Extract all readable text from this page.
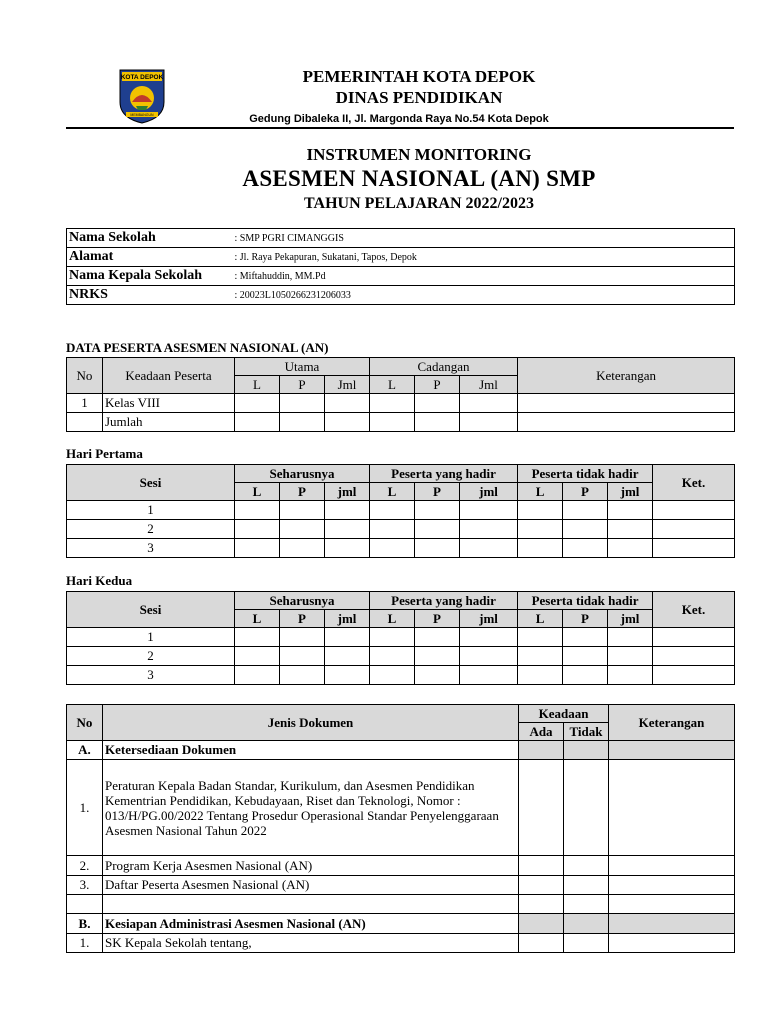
KOTA DEPOK
MEMBANGUN
PEMERINTAH KOTA DEPOK
DINAS PENDIDIKAN
Gedung Dibaleka II, Jl. Margonda Raya No.54 Kota Depok
INSTRUMEN MONITORING
ASESMEN NASIONAL (AN) SMP
TAHUN PELAJARAN 2022/2023
Nama Sekolah	: SMP PGRI CIMANGGIS
Alamat	: Jl. Raya Pekapuran, Sukatani, Tapos, Depok
Nama Kepala Sekolah	: Miftahuddin, MM.Pd
NRKS	: 20023L1050266231206033
DATA PESERTA ASESMEN NASIONAL (AN)
No	Keadaan Peserta	Utama			Cadangan			Keterangan
		L	P	Jml	L	P	Jml	
1	Kelas VIII							
	Jumlah							
Hari Pertama
Sesi	Seharusnya			Peserta yang hadir			Peserta tidak hadir			Ket.
	L	P	jml	L	P	jml	L	P	jml	
1										
2										
3										
Hari Kedua
Sesi	Seharusnya			Peserta yang hadir			Peserta tidak hadir			Ket.
	L	P	jml	L	P	jml	L	P	jml	
1										
2										
3										
No	Jenis Dokumen	Keadaan		Keterangan
		Ada	Tidak	
A.	Ketersediaan Dokumen			
1.	Peraturan Kepala Badan Standar, Kurikulum, dan Asesmen Pendidikan Kementrian Pendidikan, Kebudayaan, Riset dan Teknologi, Nomor : 013/H/PG.00/2022 Tentang Prosedur Operasional Standar Penyelenggaraan Asesmen Nasional Tahun 2022			
2.	Program Kerja Asesmen Nasional (AN)			
3.	Daftar Peserta Asesmen Nasional (AN)			

B.	Kesiapan Administrasi Asesmen Nasional (AN)			
1.	SK Kepala Sekolah tentang,			
